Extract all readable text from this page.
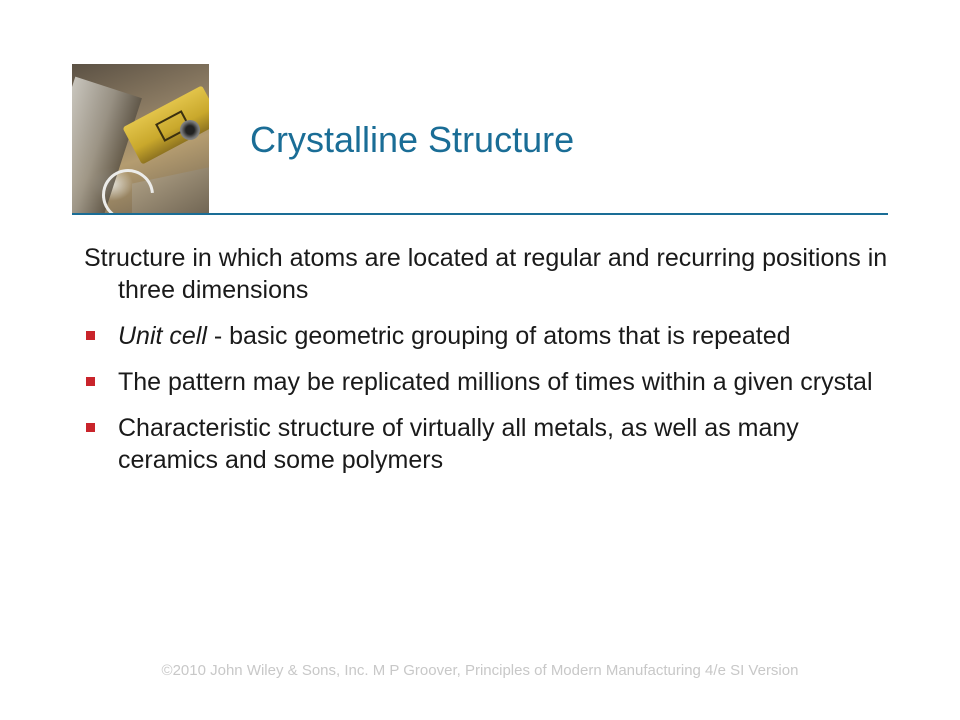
Crystalline Structure

Structure in which atoms are located at regular and recurring positions in three dimensions

Unit cell - basic geometric grouping of atoms that is repeated

The pattern may be replicated millions of times within a given crystal

Characteristic structure of virtually all metals, as well as many ceramics and some polymers

©2010 John Wiley & Sons, Inc. M P Groover, Principles of Modern Manufacturing 4/e SI Version
